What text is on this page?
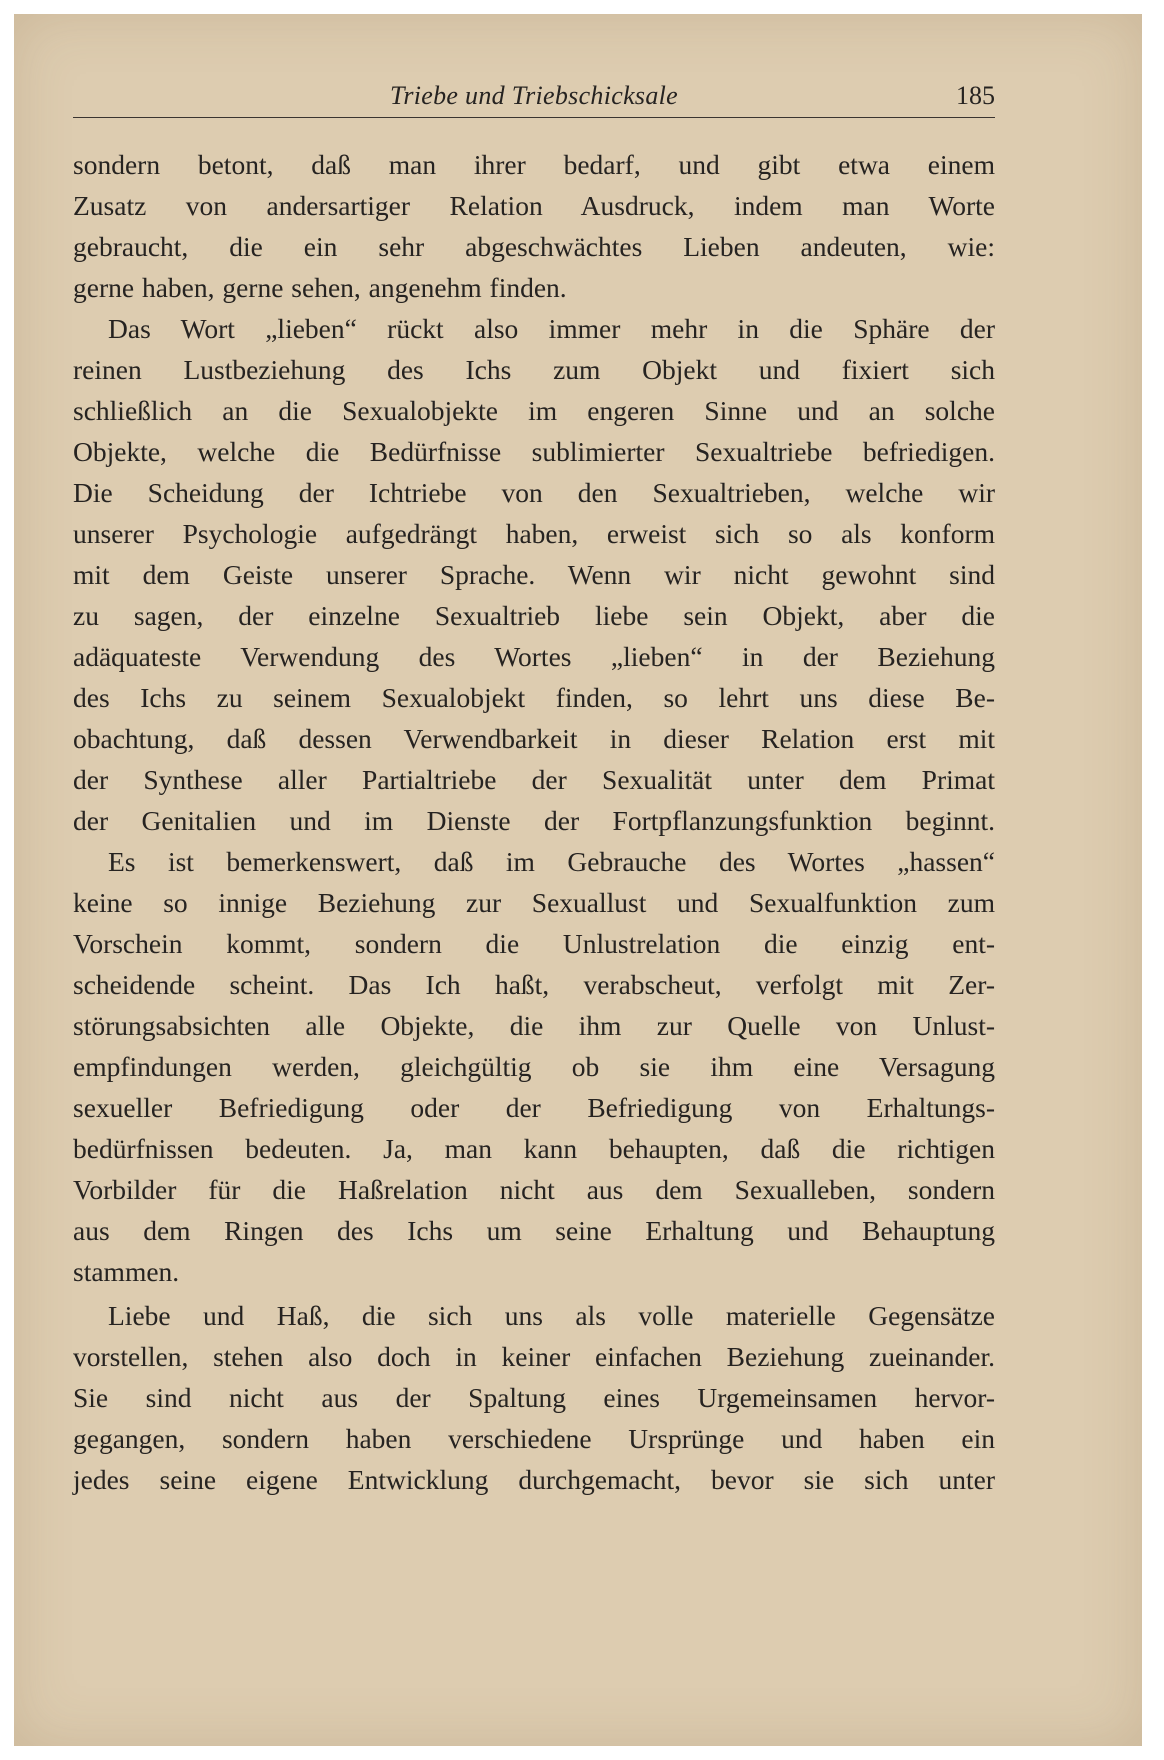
Triebe und Triebschicksale	185
sondern betont, daß man ihrer bedarf, und gibt etwa einem
Zusatz von andersartiger Relation Ausdruck, indem man Worte
gebraucht, die ein sehr abgeschwächtes Lieben andeuten, wie:
gerne haben, gerne sehen, angenehm finden.
Das Wort „lieben“ rückt also immer mehr in die Sphäre der
reinen Lustbeziehung des Ichs zum Objekt und fixiert sich
schließlich an die Sexualobjekte im engeren Sinne und an solche
Objekte, welche die Bedürfnisse sublimierter Sexualtriebe befriedigen.
Die Scheidung der Ichtriebe von den Sexualtrieben, welche wir
unserer Psychologie aufgedrängt haben, erweist sich so als konform
mit dem Geiste unserer Sprache. Wenn wir nicht gewohnt sind
zu sagen, der einzelne Sexualtrieb liebe sein Objekt, aber die
adäquateste Verwendung des Wortes „lieben“ in der Beziehung
des Ichs zu seinem Sexualobjekt finden, so lehrt uns diese Be-
obachtung, daß dessen Verwendbarkeit in dieser Relation erst mit
der Synthese aller Partialtriebe der Sexualität unter dem Primat
der Genitalien und im Dienste der Fortpflanzungsfunktion beginnt.
Es ist bemerkenswert, daß im Gebrauche des Wortes „hassen“
keine so innige Beziehung zur Sexuallust und Sexualfunktion zum
Vorschein kommt, sondern die Unlustrelation die einzig ent-
scheidende scheint. Das Ich haßt, verabscheut, verfolgt mit Zer-
störungsabsichten alle Objekte, die ihm zur Quelle von Unlust-
empfindungen werden, gleichgültig ob sie ihm eine Versagung
sexueller Befriedigung oder der Befriedigung von Erhaltungs-
bedürfnissen bedeuten. Ja, man kann behaupten, daß die richtigen
Vorbilder für die Haßrelation nicht aus dem Sexualleben, sondern
aus dem Ringen des Ichs um seine Erhaltung und Behauptung
stammen.
Liebe und Haß, die sich uns als volle materielle Gegensätze
vorstellen, stehen also doch in keiner einfachen Beziehung zueinander.
Sie sind nicht aus der Spaltung eines Urgemeinsamen hervor-
gegangen, sondern haben verschiedene Ursprünge und haben ein
jedes seine eigene Entwicklung durchgemacht, bevor sie sich unter
